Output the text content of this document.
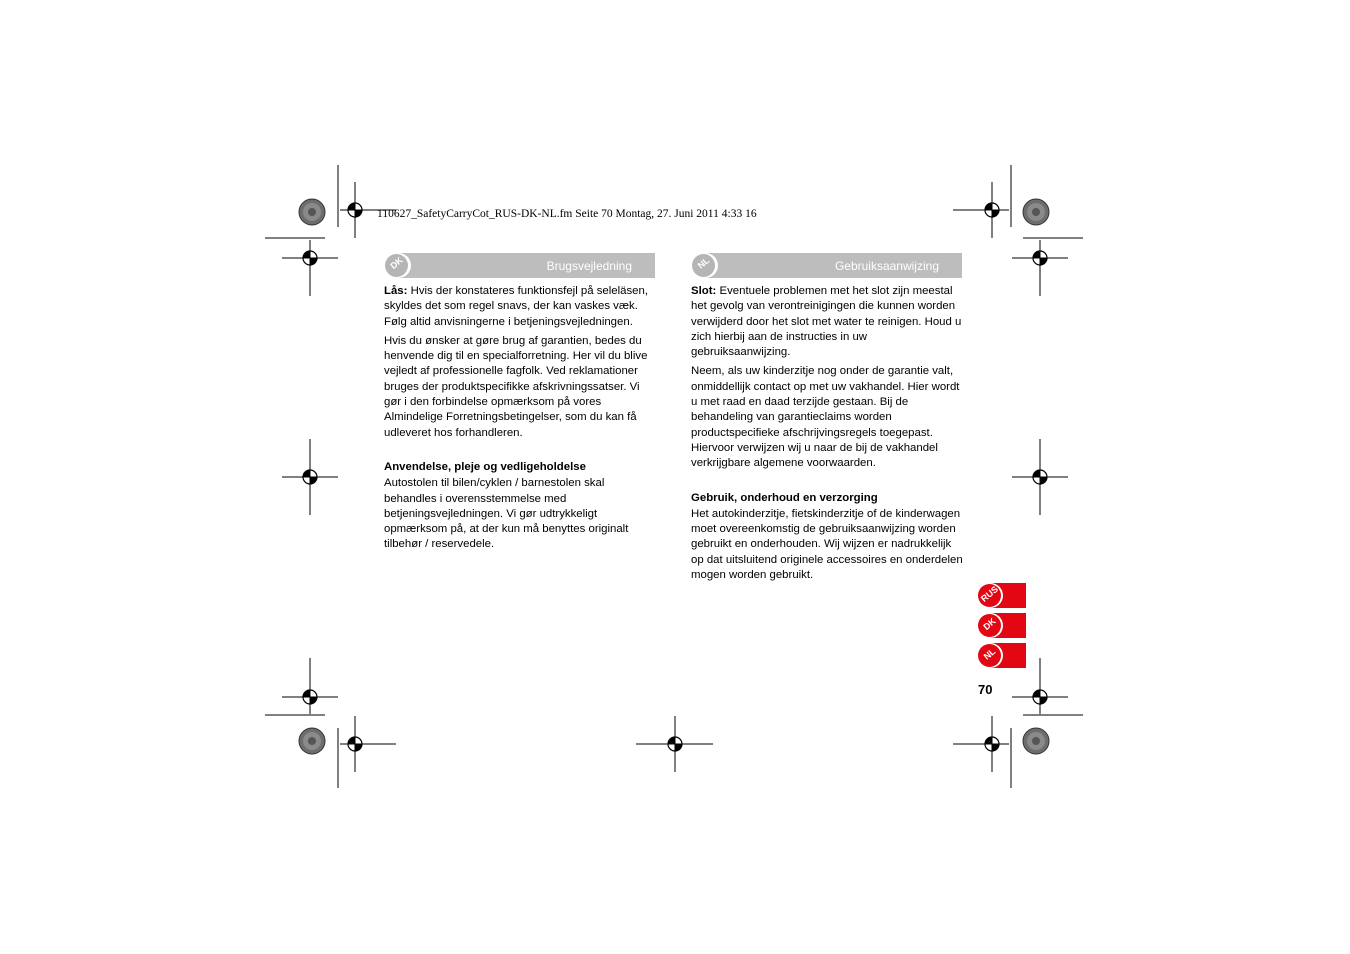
110627_SafetyCarryCot_RUS-DK-NL.fm Seite 70 Montag, 27. Juni 2011 4:33 16
DK	Brugsvejledning	NL	Gebruiksaanwijzing

Lås: Hvis der konstateres funktionsfejl på seleläsen, skyldes det som regel snavs, der kan vaskes væk. Følg altid anvisningerne i betjeningsvejledningen.

Hvis du ønsker at gøre brug af garantien, bedes du henvende dig til en specialforretning. Her vil du blive vejledt af professionelle fagfolk. Ved reklamationer bruges der produktspecifikke afskrivningssatser. Vi gør i den forbindelse opmærksom på vores Almindelige Forretningsbetingelser, som du kan få udleveret hos forhandleren.

Anvendelse, pleje og vedligeholdelse

Autostolen til bilen/cyklen / barnestolen skal behandles i overensstemmelse med betjeningsvejledningen. Vi gør udtrykkeligt opmærksom på, at der kun må benyttes originalt tilbehør / reservedele.

Slot: Eventuele problemen met het slot zijn meestal het gevolg van verontreinigingen die kunnen worden verwijderd door het slot met water te reinigen. Houd u zich hierbij aan de instructies in uw gebruiksaanwijzing.

Neem, als uw kinderzitje nog onder de garantie valt, onmiddellijk contact op met uw vakhandel. Hier wordt u met raad en daad terzijde gestaan. Bij de behandeling van garantieclaims worden productspecifieke afschrijvingsregels toegepast. Hiervoor verwijzen wij u naar de bij de vakhandel verkrijgbare algemene voorwaarden.

Gebruik, onderhoud en verzorging

Het autokinderzitje, fietskinderzitje of de kinderwagen moet overeenkomstig de gebruiksaanwijzing worden gebruikt en onderhouden. Wij wijzen er nadrukkelijk op dat uitsluitend originele accessoires en onderdelen mogen worden gebruikt.

RUS
DK
NL
70
